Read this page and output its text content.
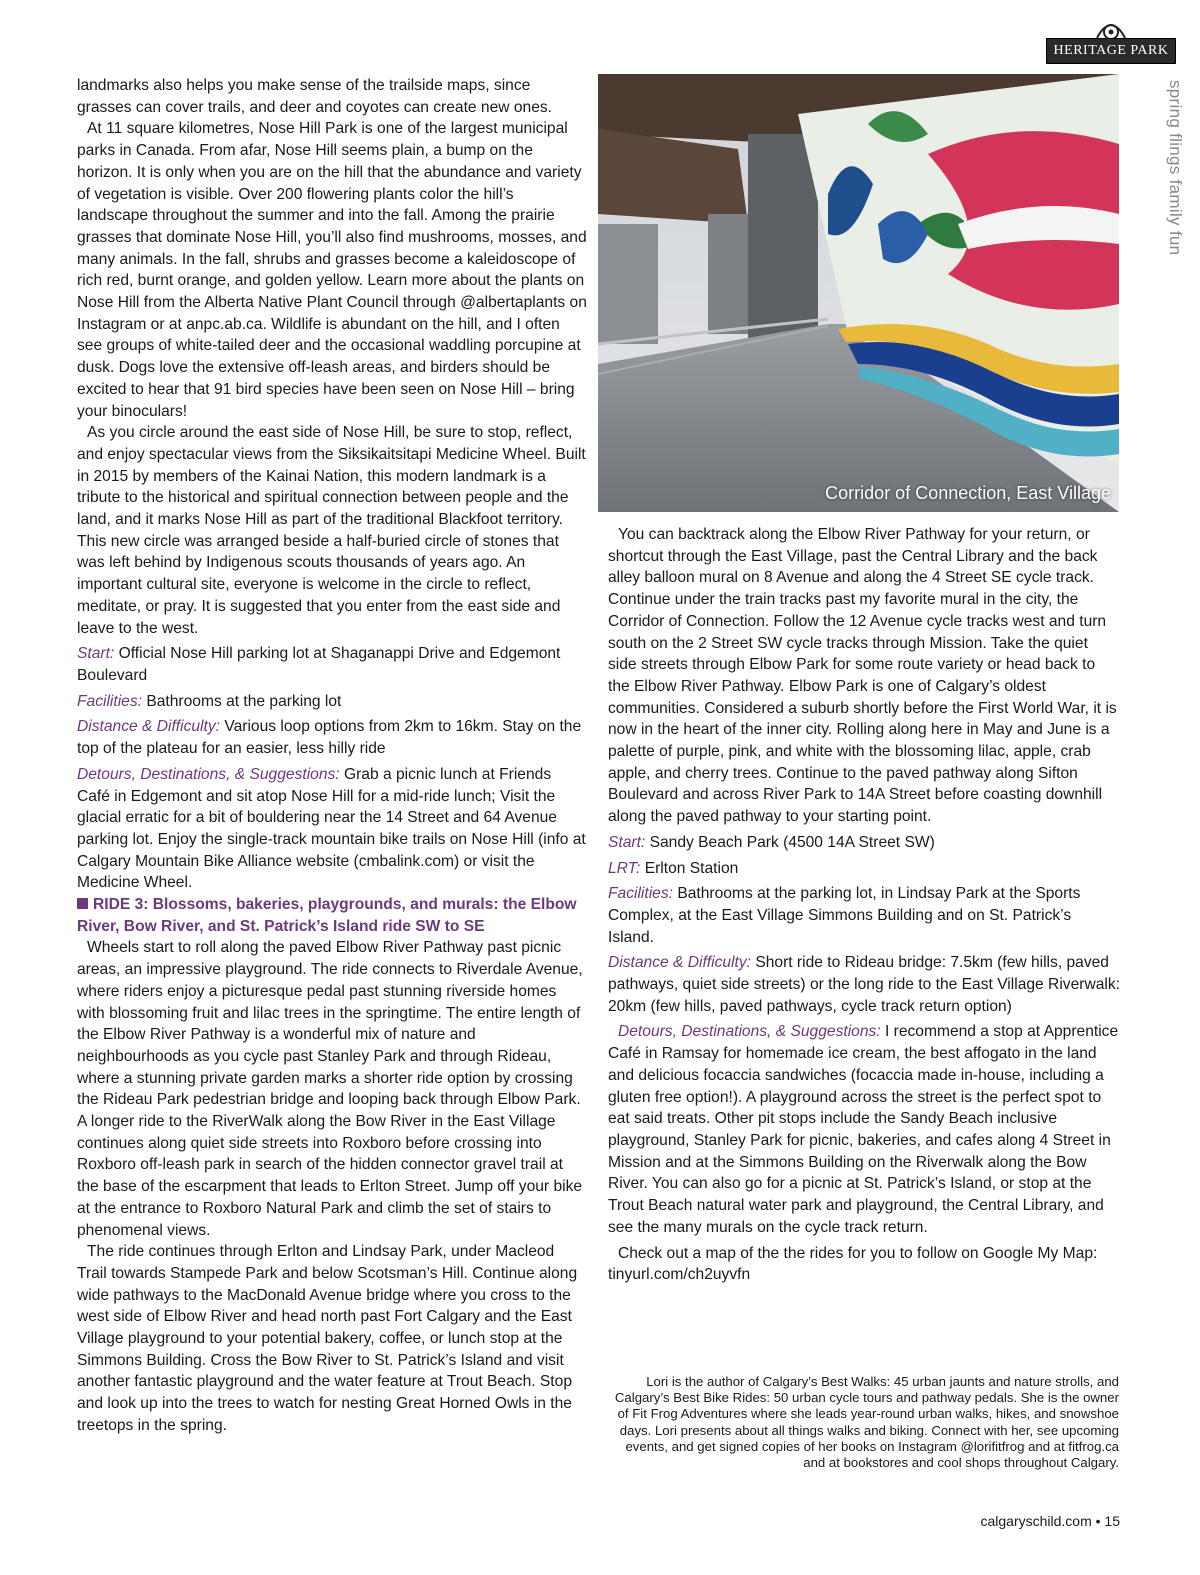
HERITAGE PARK
spring flings family fun

landmarks also helps you make sense of the trailside maps, since grasses can cover trails, and deer and coyotes can create new ones.

At 11 square kilometres, Nose Hill Park is one of the largest municipal parks in Canada. From afar, Nose Hill seems plain, a bump on the horizon. It is only when you are on the hill that the abundance and variety of vegetation is visible. Over 200 flowering plants color the hill’s landscape throughout the summer and into the fall. Among the prairie grasses that dominate Nose Hill, you’ll also find mushrooms, mosses, and many animals. In the fall, shrubs and grasses become a kaleidoscope of rich red, burnt orange, and golden yellow. Learn more about the plants on Nose Hill from the Alberta Native Plant Council through @albertaplants on Instagram or at anpc.ab.ca. Wildlife is abundant on the hill, and I often see groups of white-tailed deer and the occasional waddling porcupine at dusk. Dogs love the extensive off-leash areas, and birders should be excited to hear that 91 bird species have been seen on Nose Hill – bring your binoculars!

As you circle around the east side of Nose Hill, be sure to stop, reflect, and enjoy spectacular views from the Siksikaitsitapi Medicine Wheel. Built in 2015 by members of the Kainai Nation, this modern landmark is a tribute to the historical and spiritual connection between people and the land, and it marks Nose Hill as part of the traditional Blackfoot territory. This new circle was arranged beside a half-buried circle of stones that was left behind by Indigenous scouts thousands of years ago. An important cultural site, everyone is welcome in the circle to reflect, meditate, or pray. It is suggested that you enter from the east side and leave to the west.

Start: Official Nose Hill parking lot at Shaganappi Drive and Edgemont Boulevard

Facilities: Bathrooms at the parking lot

Distance & Difficulty: Various loop options from 2km to 16km. Stay on the top of the plateau for an easier, less hilly ride

Detours, Destinations, & Suggestions: Grab a picnic lunch at Friends Café in Edgemont and sit atop Nose Hill for a mid-ride lunch; Visit the glacial erratic for a bit of bouldering near the 14 Street and 64 Avenue parking lot. Enjoy the single-track mountain bike trails on Nose Hill (info at Calgary Mountain Bike Alliance website (cmbalink.com) or visit the Medicine Wheel.

RIDE 3: Blossoms, bakeries, playgrounds, and murals: the Elbow River, Bow River, and St. Patrick’s Island ride SW to SE

Wheels start to roll along the paved Elbow River Pathway past picnic areas, an impressive playground. The ride connects to Riverdale Avenue, where riders enjoy a picturesque pedal past stunning riverside homes with blossoming fruit and lilac trees in the springtime. The entire length of the Elbow River Pathway is a wonderful mix of nature and neighbourhoods as you cycle past Stanley Park and through Rideau, where a stunning private garden marks a shorter ride option by crossing the Rideau Park pedestrian bridge and looping back through Elbow Park. A longer ride to the RiverWalk along the Bow River in the East Village continues along quiet side streets into Roxboro before crossing into Roxboro off-leash park in search of the hidden connector gravel trail at the base of the escarpment that leads to Erlton Street. Jump off your bike at the entrance to Roxboro Natural Park and climb the set of stairs to phenomenal views.

The ride continues through Erlton and Lindsay Park, under Macleod Trail towards Stampede Park and below Scotsman’s Hill. Continue along wide pathways to the MacDonald Avenue bridge where you cross to the west side of Elbow River and head north past Fort Calgary and the East Village playground to your potential bakery, coffee, or lunch stop at the Simmons Building. Cross the Bow River to St. Patrick’s Island and visit another fantastic playground and the water feature at Trout Beach. Stop and look up into the trees to watch for nesting Great Horned Owls in the treetops in the spring.

Corridor of Connection, East Village

You can backtrack along the Elbow River Pathway for your return, or shortcut through the East Village, past the Central Library and the back alley balloon mural on 8 Avenue and along the 4 Street SE cycle track. Continue under the train tracks past my favorite mural in the city, the Corridor of Connection. Follow the 12 Avenue cycle tracks west and turn south on the 2 Street SW cycle tracks through Mission. Take the quiet side streets through Elbow Park for some route variety or head back to the Elbow River Pathway. Elbow Park is one of Calgary’s oldest communities. Considered a suburb shortly before the First World War, it is now in the heart of the inner city. Rolling along here in May and June is a palette of purple, pink, and white with the blossoming lilac, apple, crab apple, and cherry trees. Continue to the paved pathway along Sifton Boulevard and across River Park to 14A Street before coasting downhill along the paved pathway to your starting point.

Start: Sandy Beach Park (4500 14A Street SW)

LRT: Erlton Station

Facilities: Bathrooms at the parking lot, in Lindsay Park at the Sports Complex, at the East Village Simmons Building and on St. Patrick’s Island.

Distance & Difficulty: Short ride to Rideau bridge: 7.5km (few hills, paved pathways, quiet side streets) or the long ride to the East Village Riverwalk: 20km (few hills, paved pathways, cycle track return option)

Detours, Destinations, & Suggestions: I recommend a stop at Apprentice Café in Ramsay for homemade ice cream, the best affogato in the land and delicious focaccia sandwiches (focaccia made in-house, including a gluten free option!). A playground across the street is the perfect spot to eat said treats. Other pit stops include the Sandy Beach inclusive playground, Stanley Park for picnic, bakeries, and cafes along 4 Street in Mission and at the Simmons Building on the Riverwalk along the Bow River. You can also go for a picnic at St. Patrick’s Island, or stop at the Trout Beach natural water park and playground, the Central Library, and see the many murals on the cycle track return.

Check out a map of the the rides for you to follow on Google My Map: tinyurl.com/ch2uyvfn

Lori is the author of Calgary’s Best Walks: 45 urban jaunts and nature strolls, and Calgary’s Best Bike Rides: 50 urban cycle tours and pathway pedals. She is the owner of Fit Frog Adventures where she leads year-round urban walks, hikes, and snowshoe days. Lori presents about all things walks and biking. Connect with her, see upcoming events, and get signed copies of her books on Instagram @lorifitfrog and at fitfrog.ca and at bookstores and cool shops throughout Calgary.
calgaryschild.com • 15
